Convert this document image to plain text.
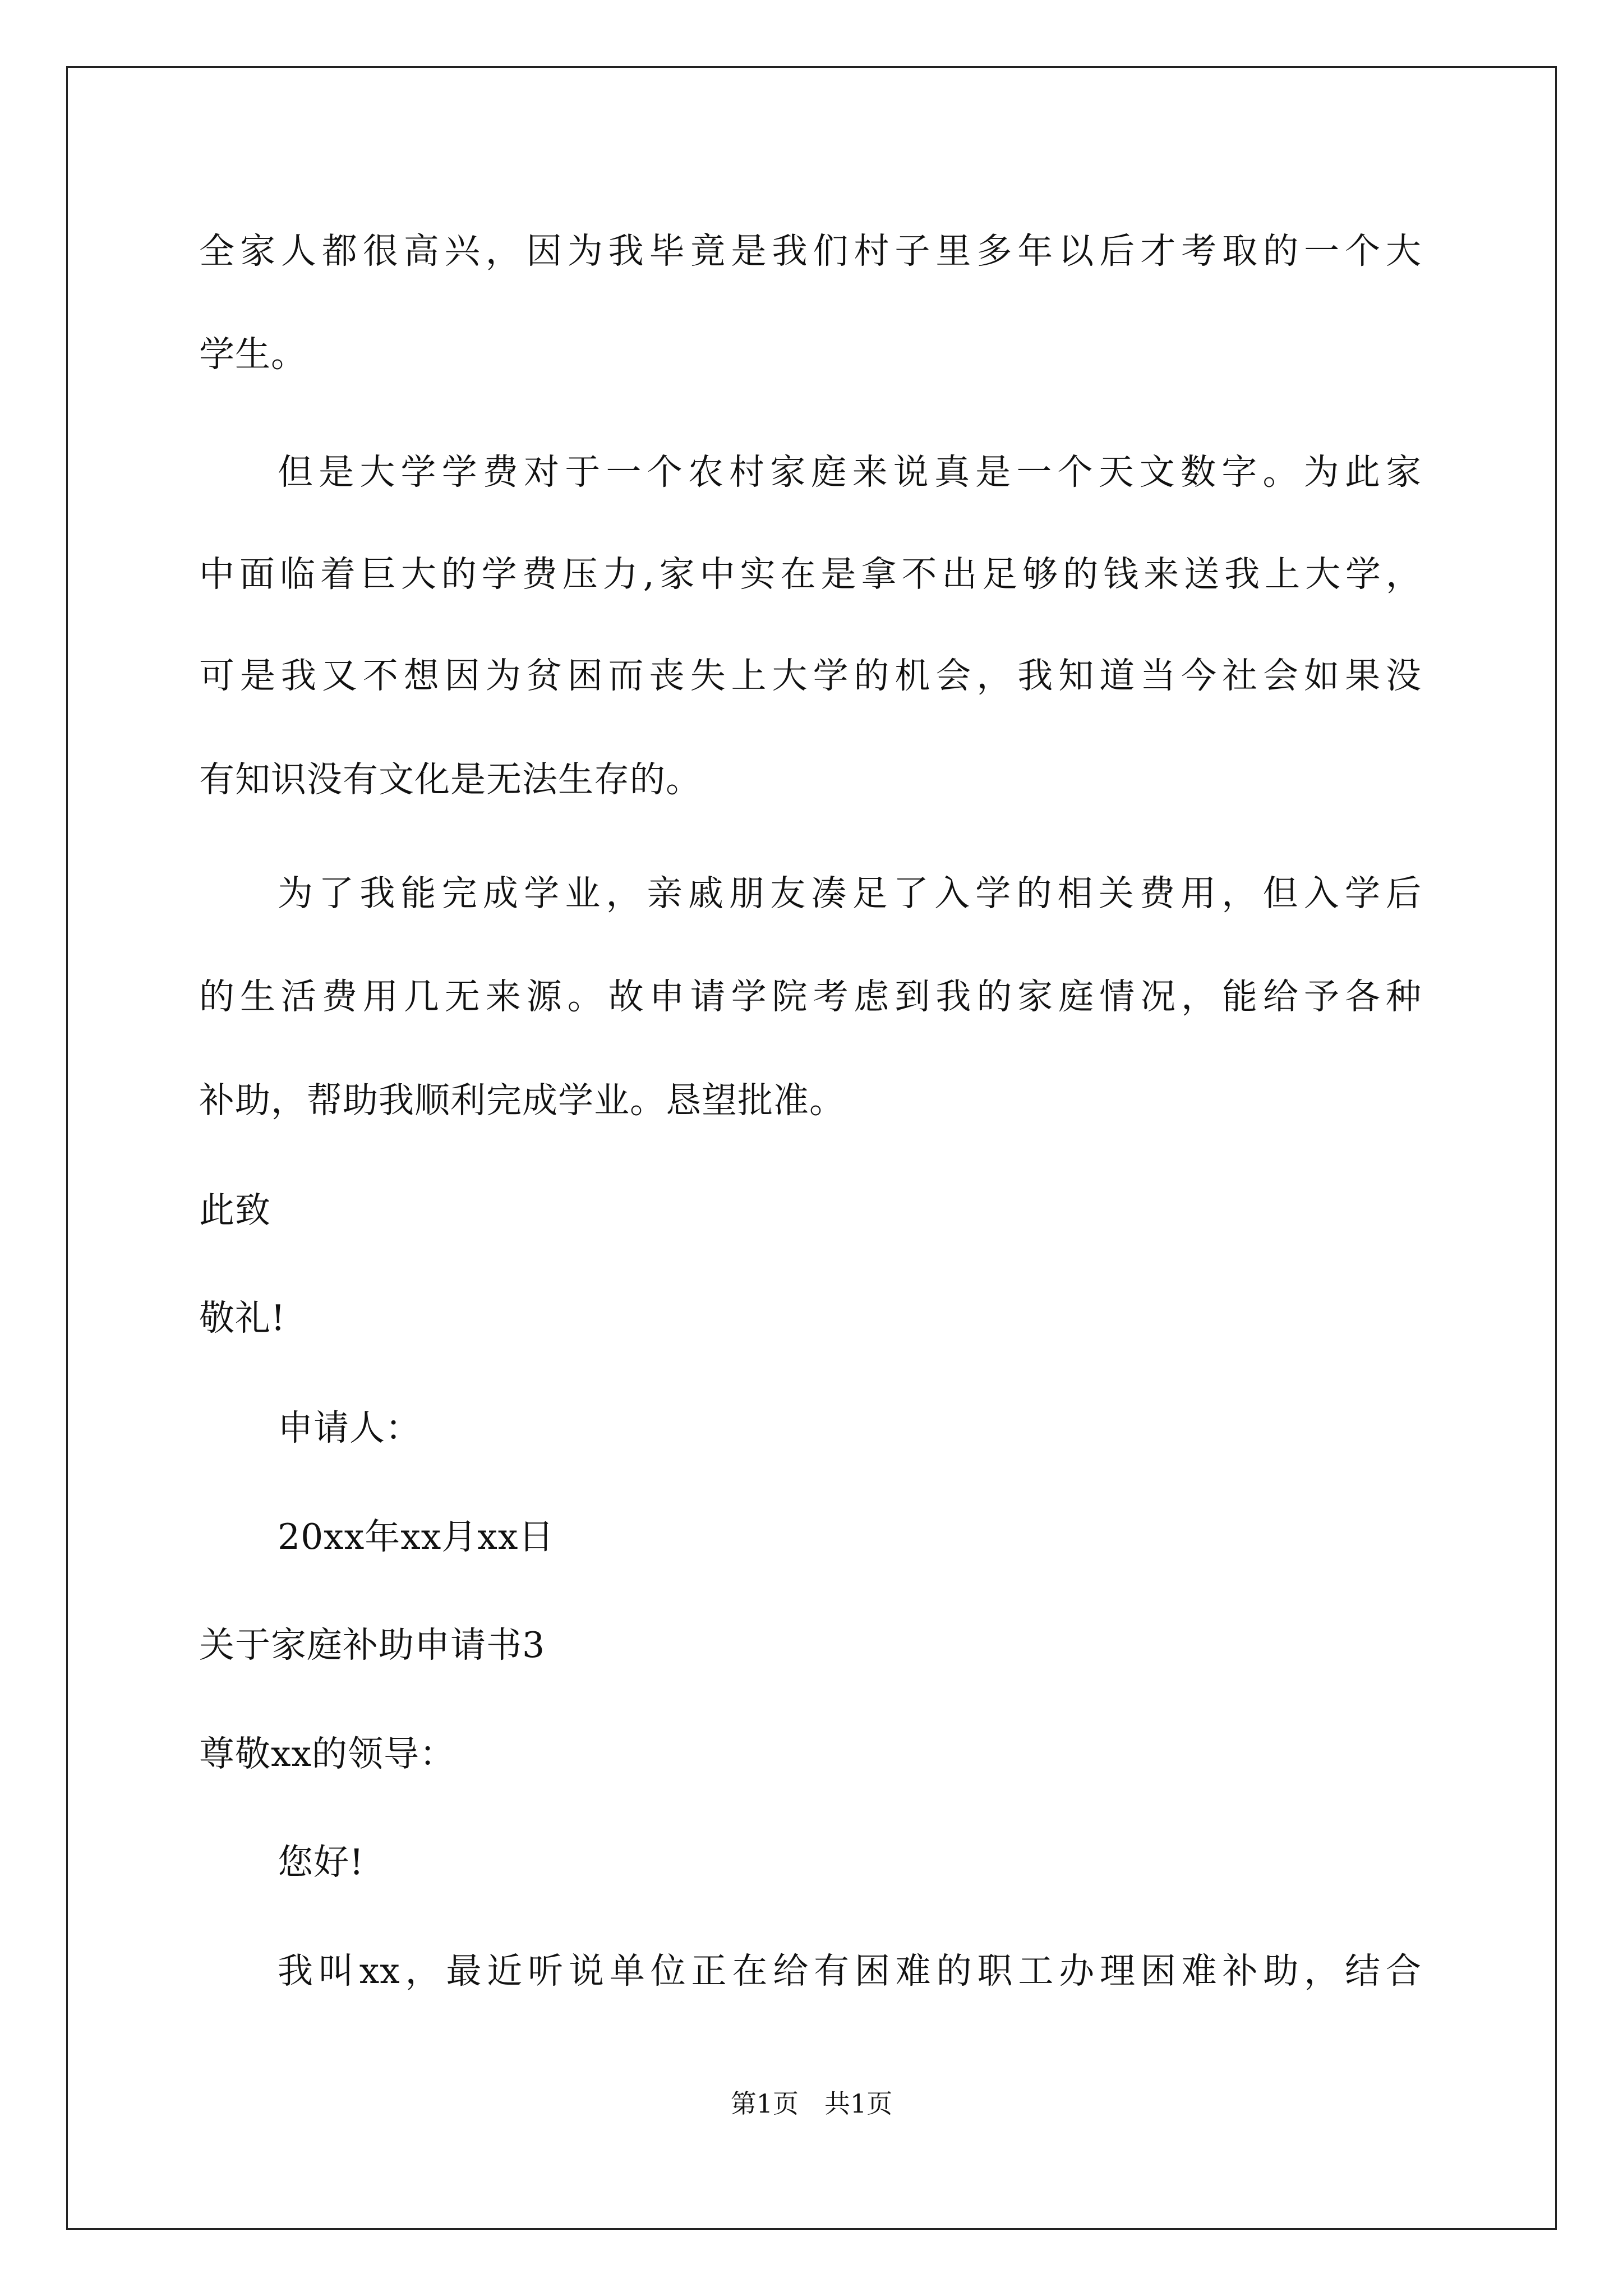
全家人都很高兴，因为我毕竟是我们村子里多年以后才考取的一个大
学生。
但是大学学费对于一个农村家庭来说真是一个天文数字。为此家
中面临着巨大的学费压力,家中实在是拿不出足够的钱来送我上大学，
可是我又不想因为贫困而丧失上大学的机会，我知道当今社会如果没
有知识没有文化是无法生存的。
为了我能完成学业，亲戚朋友凑足了入学的相关费用，但入学后
的生活费用几无来源。故申请学院考虑到我的家庭情况，能给予各种
补助，帮助我顺利完成学业。恳望批准。
此致
敬礼!
申请人：
20xx年xx月xx日
关于家庭补助申请书3
尊敬xx的领导：
您好!
我叫xx，最近听说单位正在给有困难的职工办理困难补助，结合
第1页　共1页
